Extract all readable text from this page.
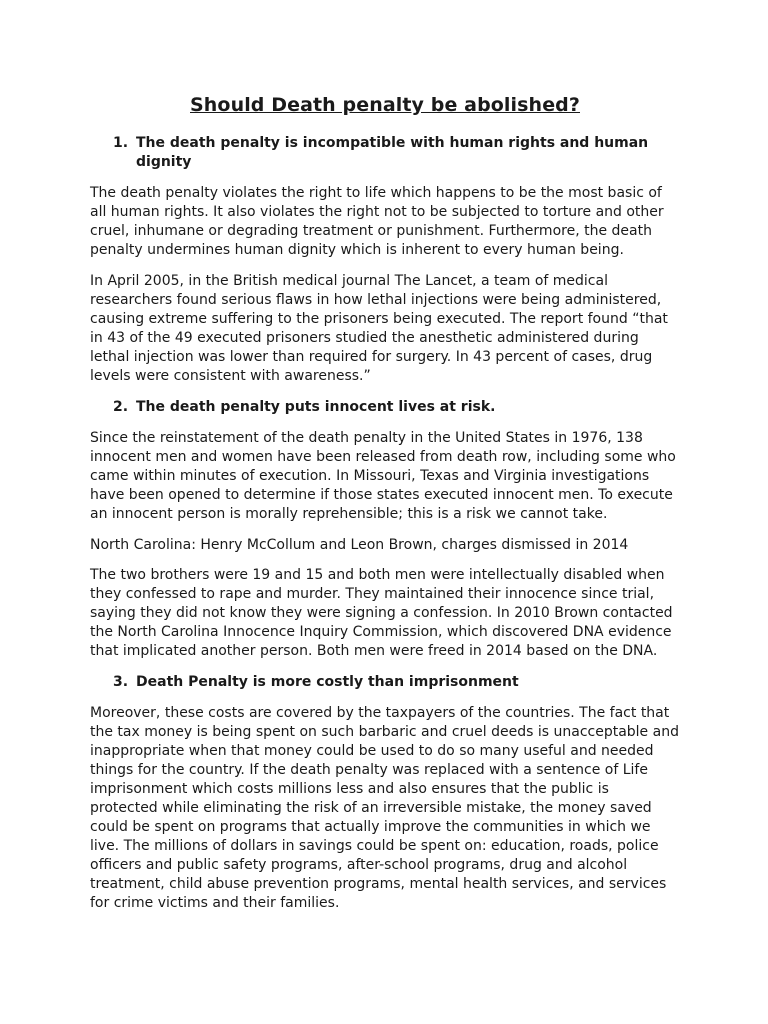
Should Death penalty be abolished?
1. The death penalty is incompatible with human rights and human dignity

The death penalty violates the right to life which happens to be the most basic of all human rights. It also violates the right not to be subjected to torture and other cruel, inhumane or degrading treatment or punishment. Furthermore, the death penalty undermines human dignity which is inherent to every human being.

In April 2005, in the British medical journal The Lancet, a team of medical researchers found serious flaws in how lethal injections were being administered, causing extreme suffering to the prisoners being executed. The report found “that in 43 of the 49 executed prisoners studied the anesthetic administered during lethal injection was lower than required for surgery. In 43 percent of cases, drug levels were consistent with awareness.”

2. The death penalty puts innocent lives at risk.

Since the reinstatement of the death penalty in the United States in 1976, 138 innocent men and women have been released from death row, including some who came within minutes of execution. In Missouri, Texas and Virginia investigations have been opened to determine if those states executed innocent men. To execute an innocent person is morally reprehensible; this is a risk we cannot take.

North Carolina: Henry McCollum and Leon Brown, charges dismissed in 2014

The two brothers were 19 and 15 and both men were intellectually disabled when they confessed to rape and murder. They maintained their innocence since trial, saying they did not know they were signing a confession. In 2010 Brown contacted the North Carolina Innocence Inquiry Commission, which discovered DNA evidence that implicated another person. Both men were freed in 2014 based on the DNA.

3. Death Penalty is more costly than imprisonment

Moreover, these costs are covered by the taxpayers of the countries. The fact that the tax money is being spent on such barbaric and cruel deeds is unacceptable and inappropriate when that money could be used to do so many useful and needed things for the country. If the death penalty was replaced with a sentence of Life imprisonment which costs millions less and also ensures that the public is protected while eliminating the risk of an irreversible mistake, the money saved could be spent on programs that actually improve the communities in which we live. The millions of dollars in savings could be spent on: education, roads, police officers and public safety programs, after-school programs, drug and alcohol treatment, child abuse prevention programs, mental health services, and services for crime victims and their families.
